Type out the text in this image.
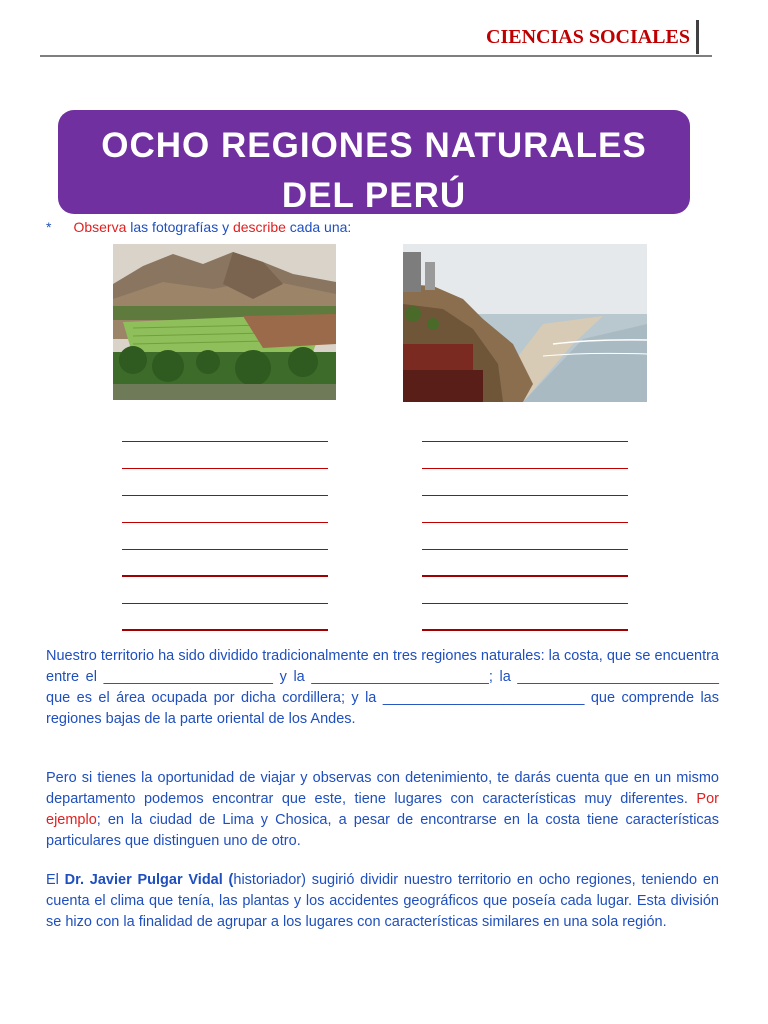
CIENCIAS SOCIALES
OCHO REGIONES NATURALES
DEL PERÚ
* Observa las fotografías y describe cada una:

Nuestro territorio ha sido dividido tradicionalmente en tres regiones naturales: la costa, que se encuentra entre el _____________________ y la ______________________; la _________________________ que es el área ocupada por dicha cordillera; y la _________________________ que comprende las regiones bajas de la parte oriental de los Andes.

Pero si tienes la oportunidad de viajar y observas con detenimiento, te darás cuenta que en un mismo departamento podemos encontrar que este, tiene lugares con características muy diferentes. Por ejemplo; en la ciudad de Lima y Chosica, a pesar de encontrarse en la costa tiene características particulares que distinguen uno de otro.

El Dr. Javier Pulgar Vidal (historiador) sugirió dividir nuestro territorio en ocho regiones, teniendo en cuenta el clima que tenía, las plantas y los accidentes geográficos que poseía cada lugar. Esta división se hizo con la finalidad de agrupar a los lugares con características similares en una sola región.
